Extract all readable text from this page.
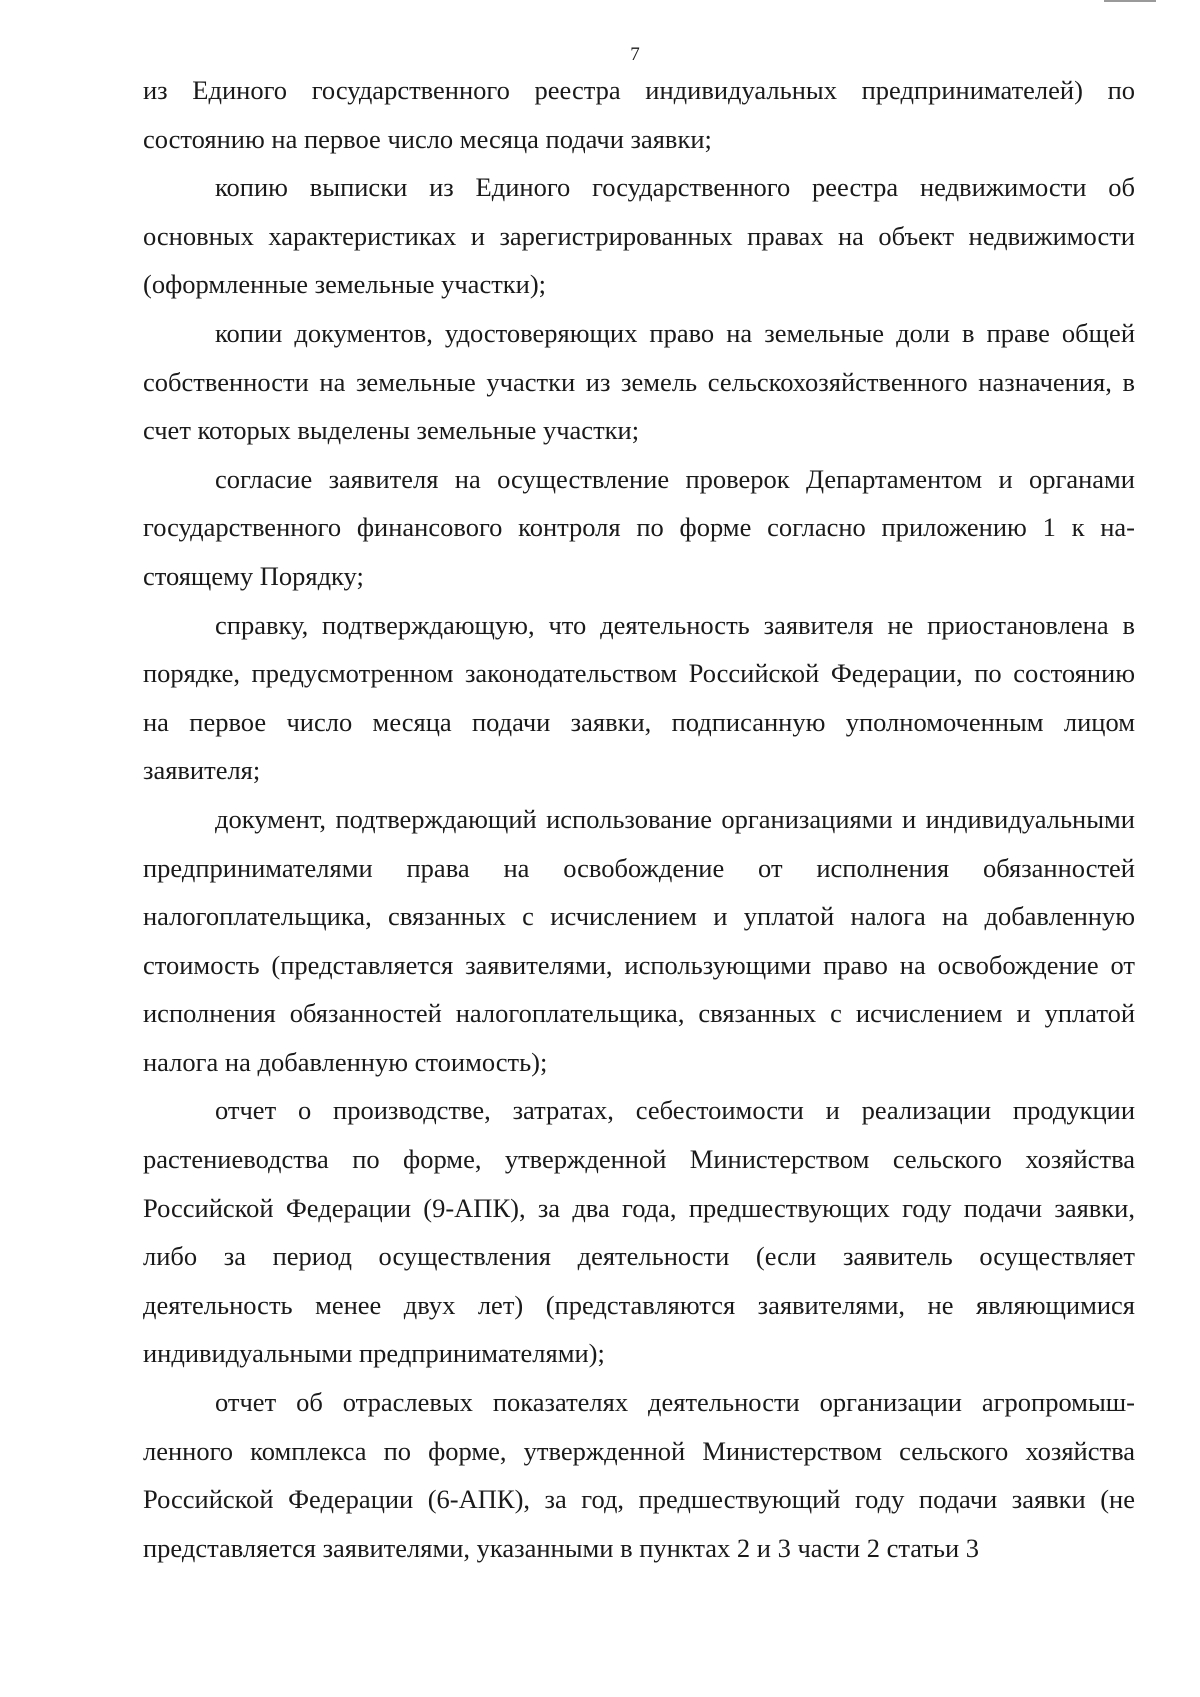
7

из Единого государственного реестра индивидуальных предпринимателей) по состоянию на первое число месяца подачи заявки;

копию выписки из Единого государственного реестра недвижимости об основных характеристиках и зарегистрированных правах на объект недвижимости (оформленные земельные участки);

копии документов, удостоверяющих право на земельные доли в праве общей собственности на земельные участки из земель сельскохозяйственного назначения, в счет которых выделены земельные участки;

согласие заявителя на осуществление проверок Департаментом и органами государственного финансового контроля по форме согласно приложению 1 к настоящему Порядку;

справку, подтверждающую, что деятельность заявителя не приостановлена в порядке, предусмотренном законодательством Российской Федерации, по состоянию на первое число месяца подачи заявки, подписанную уполномоченным лицом заявителя;

документ, подтверждающий использование организациями и индивидуальными предпринимателями права на освобождение от исполнения обязанностей налогоплательщика, связанных с исчислением и уплатой налога на добавленную стоимость (представляется заявителями, использующими право на освобождение от исполнения обязанностей налогоплательщика, связанных с исчислением и уплатой налога на добавленную стоимость);

отчет о производстве, затратах, себестоимости и реализации продукции растениеводства по форме, утвержденной Министерством сельского хозяйства Российской Федерации (9-АПК), за два года, предшествующих году подачи заявки, либо за период осуществления деятельности (если заявитель осуществляет деятельность менее двух лет) (представляются заявителями, не являющимися индивидуальными предпринимателями);

отчет об отраслевых показателях деятельности организации агропромышленного комплекса по форме, утвержденной Министерством сельского хозяйства Российской Федерации (6-АПК), за год, предшествующий году подачи заявки (не представляется заявителями, указанными в пунктах 2 и 3 части 2 статьи 3
